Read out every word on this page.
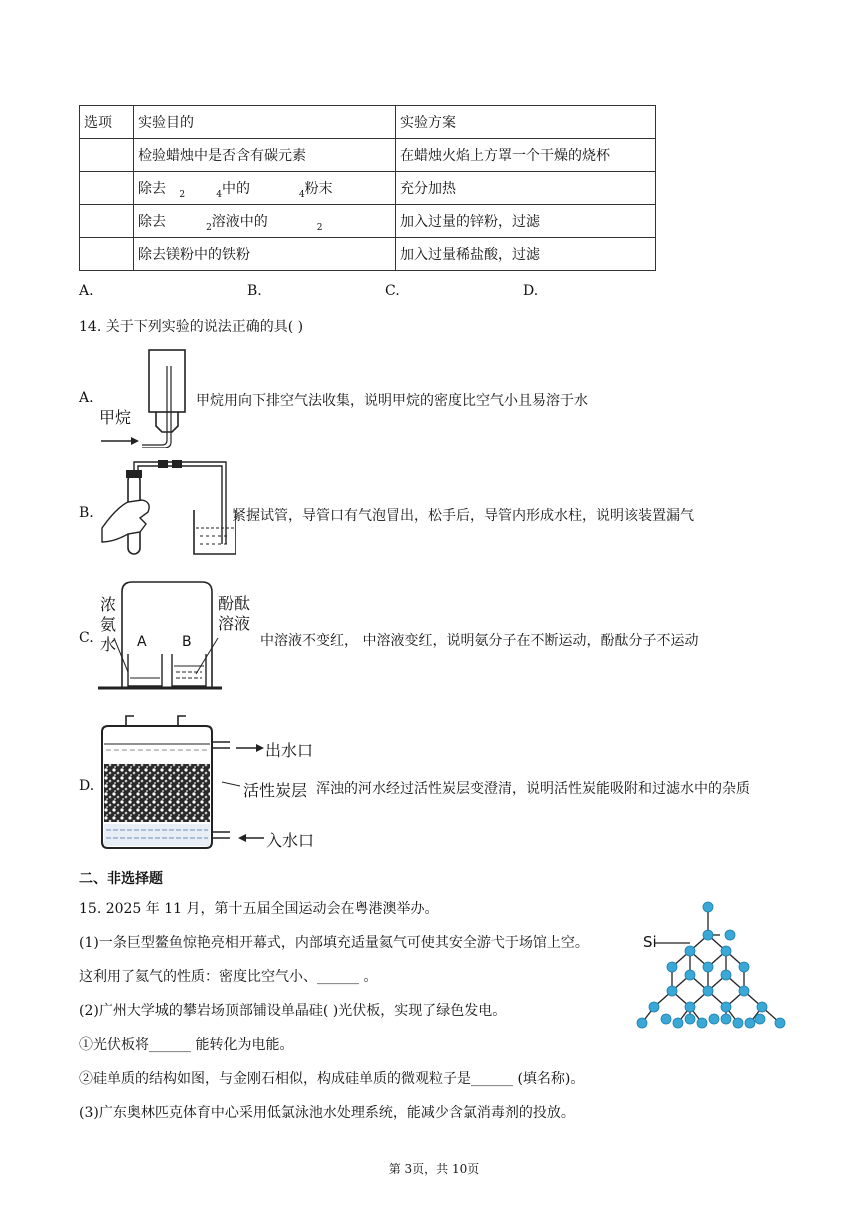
选项	实验目的	实验方案
	检验蜡烛中是否含有碳元素	在蜡烛火焰上方罩一个干燥的烧杯
	除去 $_2$ $_4$中的 $_4$粉末	充分加热
	除去 $_2$溶液中的 $_2$	加入过量的锌粉，过滤
	除去镁粉中的铁粉	加入过量稀盐酸，过滤
A.	B.	C.	D.
14. 关于下列实验的说法正确的具( )
A.
甲烷
甲烷用向下排空气法收集，说明甲烷的密度比空气小且易溶于水
B.	紧握试管，导管口有气泡冒出，松手后，导管内形成水柱，说明该装置漏气
C.
浓
氨
水
酚酞
溶液
A	B	中溶液不变红， 中溶液变红，说明氨分子在不断运动，酚酞分子不运动
D.
出水口
活性炭层
入水口
浑浊的河水经过活性炭层变澄清，说明活性炭能吸附和过滤水中的杂质
二、非选择题
15. 2025 年 11 月，第十五届全国运动会在粤港澳举办。
(1)一条巨型鳌鱼惊艳亮相开幕式，内部填充适量氦气可使其安全游弋于场馆上空。
这利用了氦气的性质：密度比空气小、______ 。
(2)广州大学城的攀岩场顶部铺设单晶硅( )光伏板，实现了绿色发电。
①光伏板将______ 能转化为电能。
②硅单质的结构如图，与金刚石相似，构成硅单质的微观粒子是______ (填名称)。
(3)广东奥林匹克体育中心采用低氯泳池水处理系统，能减少含氯消毒剂的投放。
Si
第 3页，共 10页
